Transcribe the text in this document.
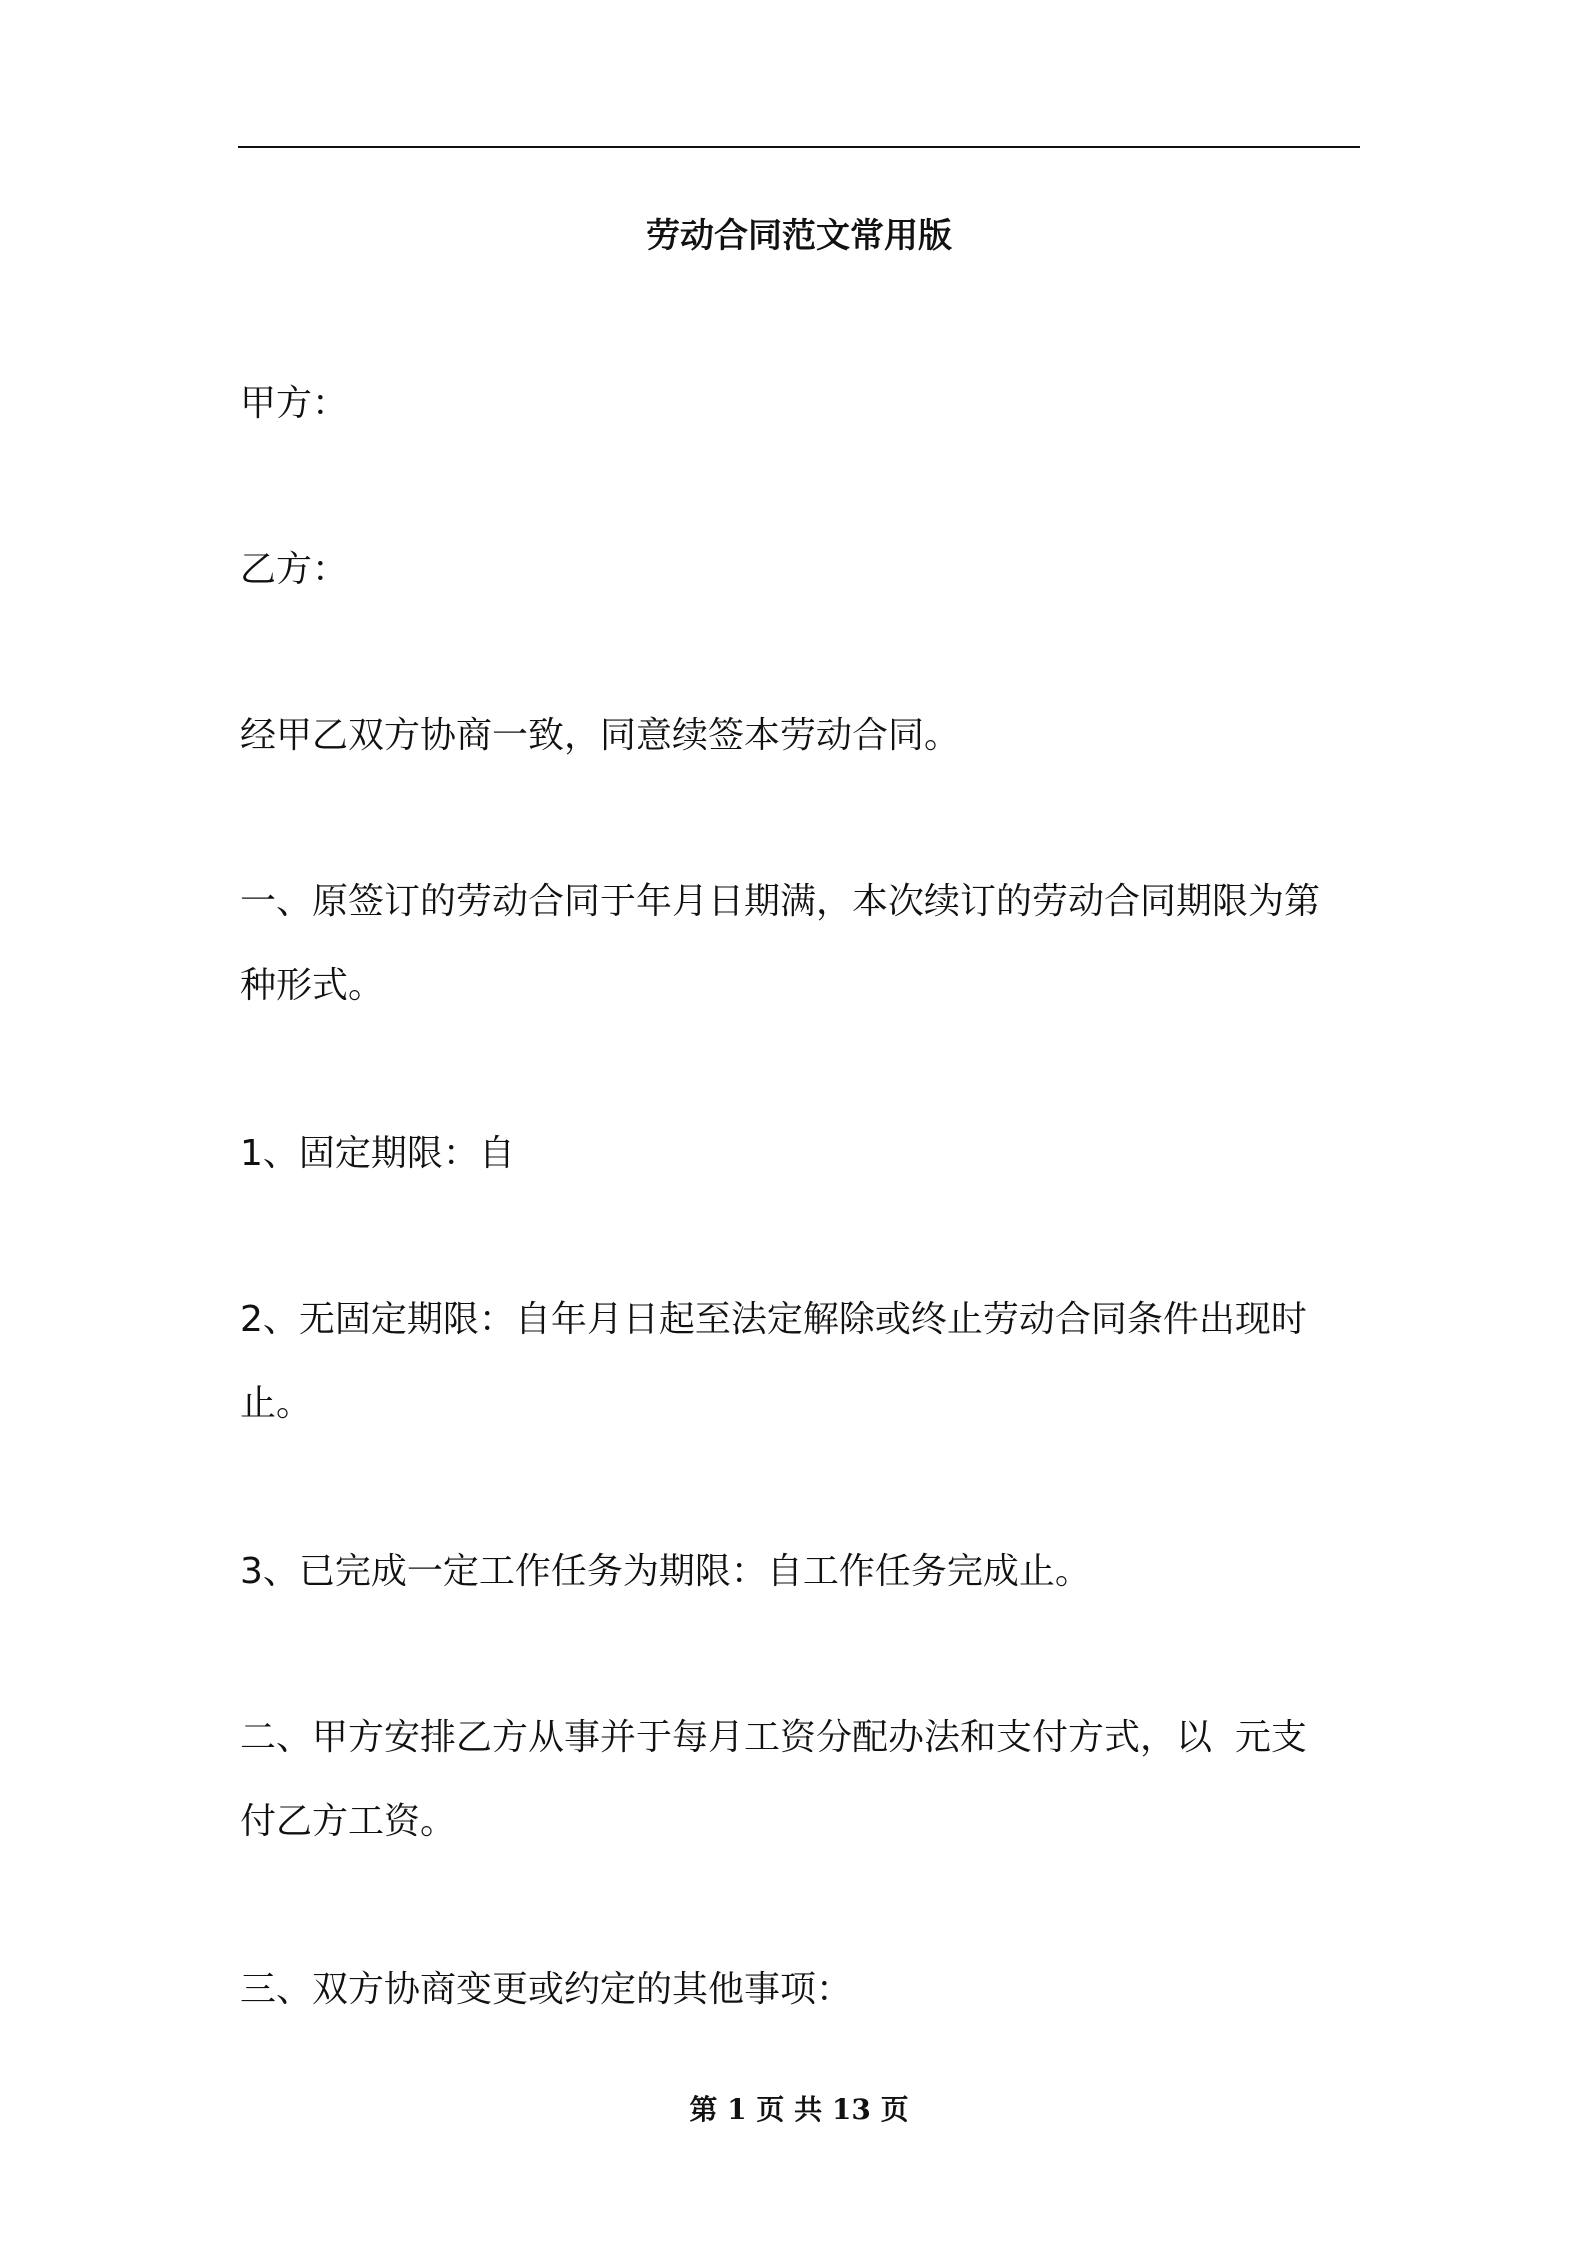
劳动合同范文常用版

甲方：

乙方：

经甲乙双方协商一致，同意续签本劳动合同。

一、原签订的劳动合同于年月日期满，本次续订的劳动合同期限为第
种形式。

1、固定期限：自

2、无固定期限：自年月日起至法定解除或终止劳动合同条件出现时
止。

3、已完成一定工作任务为期限：自工作任务完成止。

二、甲方安排乙方从事并于每月工资分配办法和支付方式，以  元支
付乙方工资。

三、双方协商变更或约定的其他事项：

第 1 页 共 13 页
